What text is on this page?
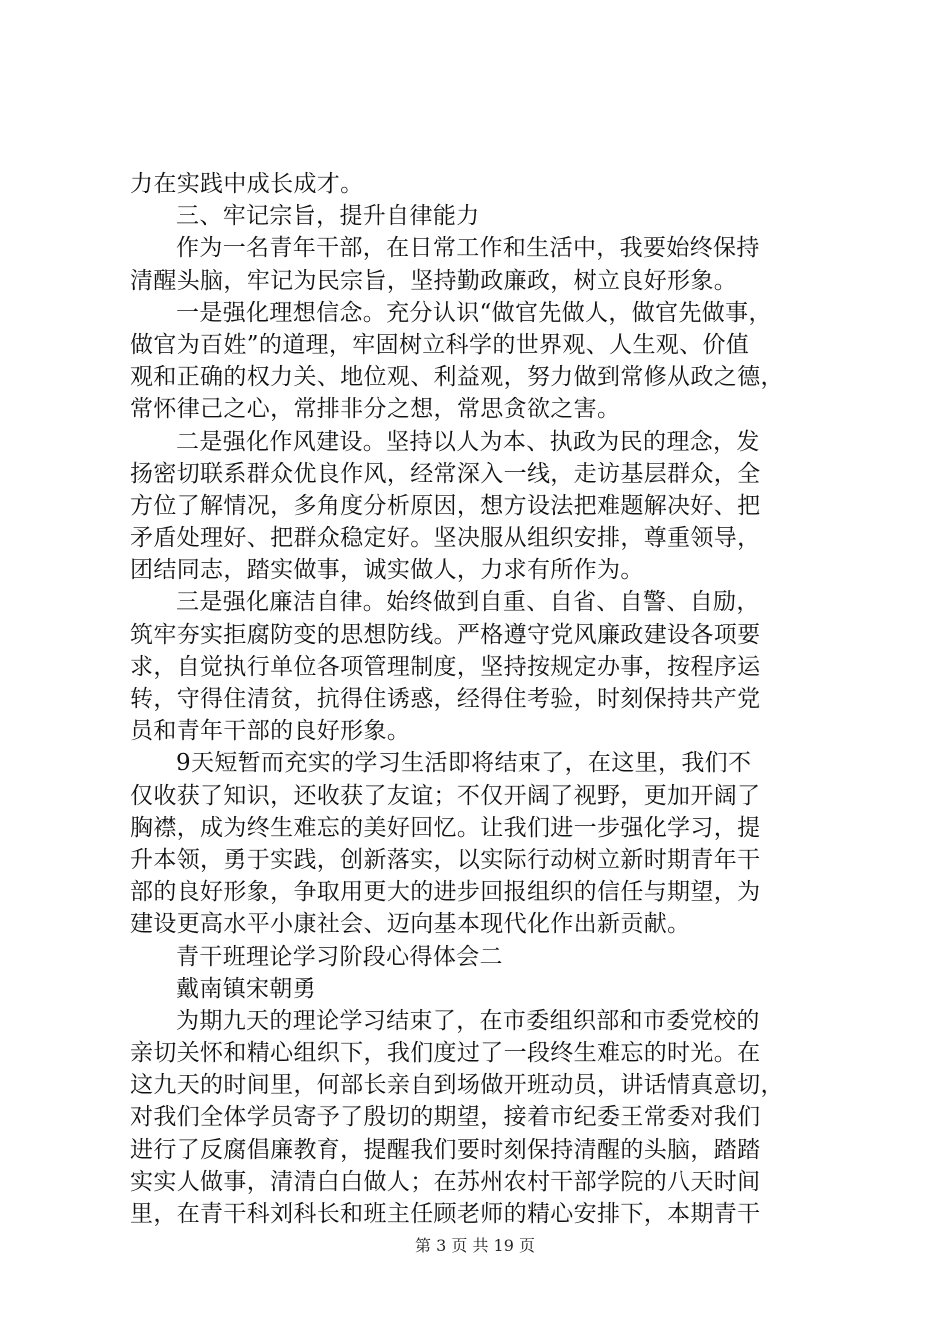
力在实践中成长成才。
三、牢记宗旨，提升自律能力
作为一名青年干部，在日常工作和生活中，我要始终保持
清醒头脑，牢记为民宗旨，坚持勤政廉政，树立良好形象。
一是强化理想信念。充分认识“做官先做人，做官先做事，
做官为百姓”的道理，牢固树立科学的世界观、人生观、价值
观和正确的权力关、地位观、利益观，努力做到常修从政之德，
常怀律己之心，常排非分之想，常思贪欲之害。
二是强化作风建设。坚持以人为本、执政为民的理念，发
扬密切联系群众优良作风，经常深入一线，走访基层群众，全
方位了解情况，多角度分析原因，想方设法把难题解决好、把
矛盾处理好、把群众稳定好。坚决服从组织安排，尊重领导，
团结同志，踏实做事，诚实做人，力求有所作为。
三是强化廉洁自律。始终做到自重、自省、自警、自励，
筑牢夯实拒腐防变的思想防线。严格遵守党风廉政建设各项要
求，自觉执行单位各项管理制度，坚持按规定办事，按程序运
转，守得住清贫，抗得住诱惑，经得住考验，时刻保持共产党
员和青年干部的良好形象。
9天短暂而充实的学习生活即将结束了，在这里，我们不
仅收获了知识，还收获了友谊；不仅开阔了视野，更加开阔了
胸襟，成为终生难忘的美好回忆。让我们进一步强化学习，提
升本领，勇于实践，创新落实，以实际行动树立新时期青年干
部的良好形象，争取用更大的进步回报组织的信任与期望，为
建设更高水平小康社会、迈向基本现代化作出新贡献。
青干班理论学习阶段心得体会二
戴南镇宋朝勇
为期九天的理论学习结束了，在市委组织部和市委党校的
亲切关怀和精心组织下，我们度过了一段终生难忘的时光。在
这九天的时间里，何部长亲自到场做开班动员，讲话情真意切，
对我们全体学员寄予了殷切的期望，接着市纪委王常委对我们
进行了反腐倡廉教育，提醒我们要时刻保持清醒的头脑，踏踏
实实人做事，清清白白做人；在苏州农村干部学院的八天时间
里，在青干科刘科长和班主任顾老师的精心安排下，本期青干
第 3 页 共 19 页
